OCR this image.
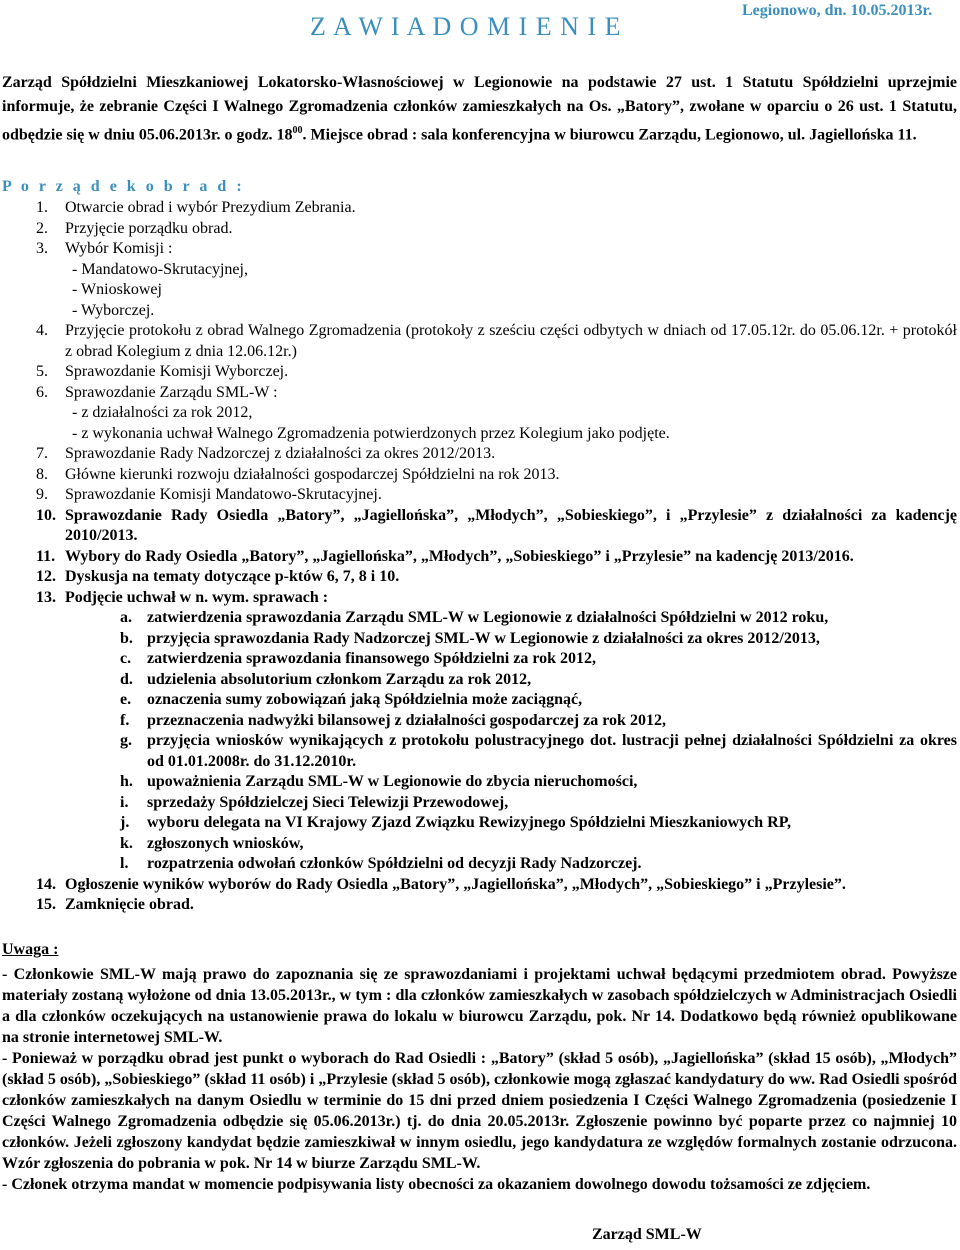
Z A W I A D O M I E N I E
Legionowo, dn. 10.05.2013r.

Zarząd Spółdzielni Mieszkaniowej Lokatorsko-Własnościowej w Legionowie na podstawie 27 ust. 1 Statutu Spółdzielni uprzejmie informuje, że zebranie Części I Walnego Zgromadzenia członków zamieszkałych na Os. „Batory”, zwołane w oparciu o 26 ust. 1 Statutu, odbędzie się w dniu 05.06.2013r. o godz. $18^{00}$. Miejsce obrad : sala konferencyjna w biurowcu Zarządu, Legionowo, ul. Jagiellońska 11.

P o r z ą d e k o b r a d :
1. Otwarcie obrad i wybór Prezydium Zebrania.
2. Przyjęcie porządku obrad.
3. Wybór Komisji :
- Mandatowo-Skrutacyjnej,
- Wnioskowej
- Wyborczej.
4. Przyjęcie protokołu z obrad Walnego Zgromadzenia (protokoły z sześciu części odbytych w dniach od 17.05.12r. do 05.06.12r. + protokół z obrad Kolegium z dnia 12.06.12r.)
5. Sprawozdanie Komisji Wyborczej.
6. Sprawozdanie Zarządu SML-W :
- z działalności za rok 2012,
- z wykonania uchwał Walnego Zgromadzenia potwierdzonych przez Kolegium jako podjęte.
7. Sprawozdanie Rady Nadzorczej z działalności za okres 2012/2013.
8. Główne kierunki rozwoju działalności gospodarczej Spółdzielni na rok 2013.
9. Sprawozdanie Komisji Mandatowo-Skrutacyjnej.
10. Sprawozdanie Rady Osiedla „Batory”, „Jagiellońska”, „Młodych”, „Sobieskiego”, i „Przylesie” z działalności za kadencję 2010/2013.
11. Wybory do Rady Osiedla „Batory”, „Jagiellońska”, „Młodych”, „Sobieskiego” i „Przylesie” na kadencję 2013/2016.
12. Dyskusja na tematy dotyczące p-któw 6, 7, 8 i 10.
13. Podjęcie uchwał w n. wym. sprawach :
a. zatwierdzenia sprawozdania Zarządu SML-W w Legionowie z działalności Spółdzielni w 2012 roku,
b. przyjęcia sprawozdania Rady Nadzorczej SML-W w Legionowie z działalności za okres 2012/2013,
c. zatwierdzenia sprawozdania finansowego Spółdzielni za rok 2012,
d. udzielenia absolutorium członkom Zarządu za rok 2012,
e. oznaczenia sumy zobowiązań jaką Spółdzielnia może zaciągnąć,
f. przeznaczenia nadwyżki bilansowej z działalności gospodarczej za rok 2012,
g. przyjęcia wniosków wynikających z protokołu polustracyjnego dot. lustracji pełnej działalności Spółdzielni za okres od 01.01.2008r. do 31.12.2010r.
h. upoważnienia Zarządu SML-W w Legionowie do zbycia nieruchomości,
i. sprzedaży Spółdzielczej Sieci Telewizji Przewodowej,
j. wyboru delegata na VI Krajowy Zjazd Związku Rewizyjnego Spółdzielni Mieszkaniowych RP,
k. zgłoszonych wniosków,
l. rozpatrzenia odwołań członków Spółdzielni od decyzji Rady Nadzorczej.
14. Ogłoszenie wyników wyborów do Rady Osiedla „Batory”, „Jagiellońska”, „Młodych”, „Sobieskiego” i „Przylesie”.
15. Zamknięcie obrad.
Uwaga :

- Członkowie SML-W mają prawo do zapoznania się ze sprawozdaniami i projektami uchwał będącymi przedmiotem obrad. Powyższe materiały zostaną wyłożone od dnia 13.05.2013r., w tym : dla członków zamieszkałych w zasobach spółdzielczych w Administracjach Osiedli a dla członków oczekujących na ustanowienie prawa do lokalu w biurowcu Zarządu, pok. Nr 14. Dodatkowo będą również opublikowane na stronie internetowej SML-W.

- Ponieważ w porządku obrad jest punkt o wyborach do Rad Osiedli : „Batory” (skład 5 osób), „Jagiellońska” (skład 15 osób), „Młodych” (skład 5 osób), „Sobieskiego” (skład 11 osób) i „Przylesie (skład 5 osób), członkowie mogą zgłaszać kandydatury do ww. Rad Osiedli spośród członków zamieszkałych na danym Osiedlu w terminie do 15 dni przed dniem posiedzenia I Części Walnego Zgromadzenia (posiedzenie I Części Walnego Zgromadzenia odbędzie się 05.06.2013r.) tj. do dnia 20.05.2013r. Zgłoszenie powinno być poparte przez co najmniej 10 członków. Jeżeli zgłoszony kandydat będzie zamieszkiwał w innym osiedlu, jego kandydatura ze względów formalnych zostanie odrzucona. Wzór zgłoszenia do pobrania w pok. Nr 14 w biurze Zarządu SML-W.

- Członek otrzyma mandat w momencie podpisywania listy obecności za okazaniem dowolnego dowodu tożsamości ze zdjęciem.

Zarząd SML-W
